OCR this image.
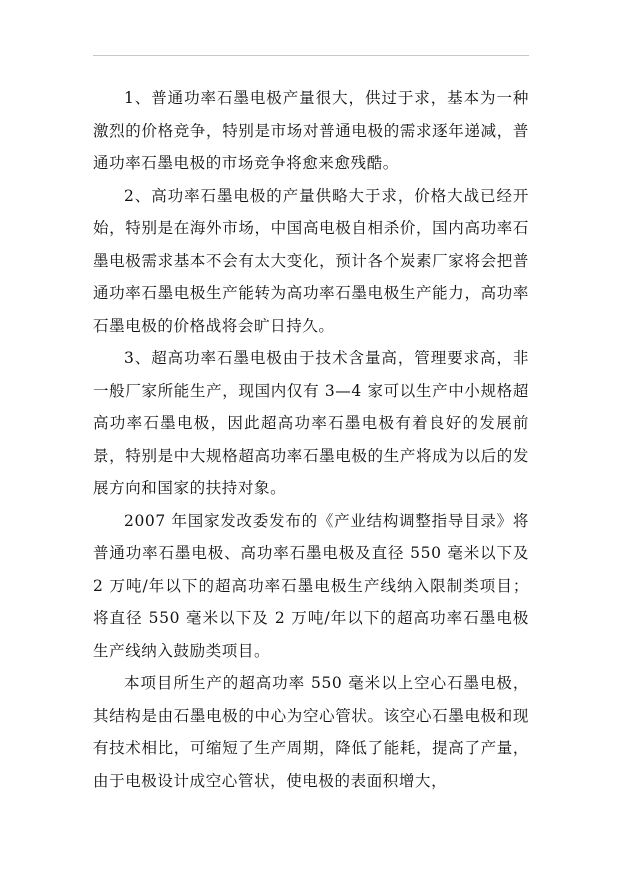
1、普通功率石墨电极产量很大，供过于求，基本为一种激烈的价格竞争，特别是市场对普通电极的需求逐年递减，普通功率石墨电极的市场竞争将愈来愈残酷。

2、高功率石墨电极的产量供略大于求，价格大战已经开始，特别是在海外市场，中国高电极自相杀价，国内高功率石墨电极需求基本不会有太大变化，预计各个炭素厂家将会把普通功率石墨电极生产能转为高功率石墨电极生产能力，高功率石墨电极的价格战将会旷日持久。

3、超高功率石墨电极由于技术含量高，管理要求高，非一般厂家所能生产，现国内仅有 3—4 家可以生产中小规格超高功率石墨电极，因此超高功率石墨电极有着良好的发展前景，特别是中大规格超高功率石墨电极的生产将成为以后的发展方向和国家的扶持对象。

2007 年国家发改委发布的《产业结构调整指导目录》将普通功率石墨电极、高功率石墨电极及直径 550 毫米以下及 2 万吨/年以下的超高功率石墨电极生产线纳入限制类项目；将直径 550 毫米以下及 2 万吨/年以下的超高功率石墨电极生产线纳入鼓励类项目。

本项目所生产的超高功率 550 毫米以上空心石墨电极，其结构是由石墨电极的中心为空心管状。该空心石墨电极和现有技术相比，可缩短了生产周期，降低了能耗，提高了产量，由于电极设计成空心管状，使电极的表面积增大，
